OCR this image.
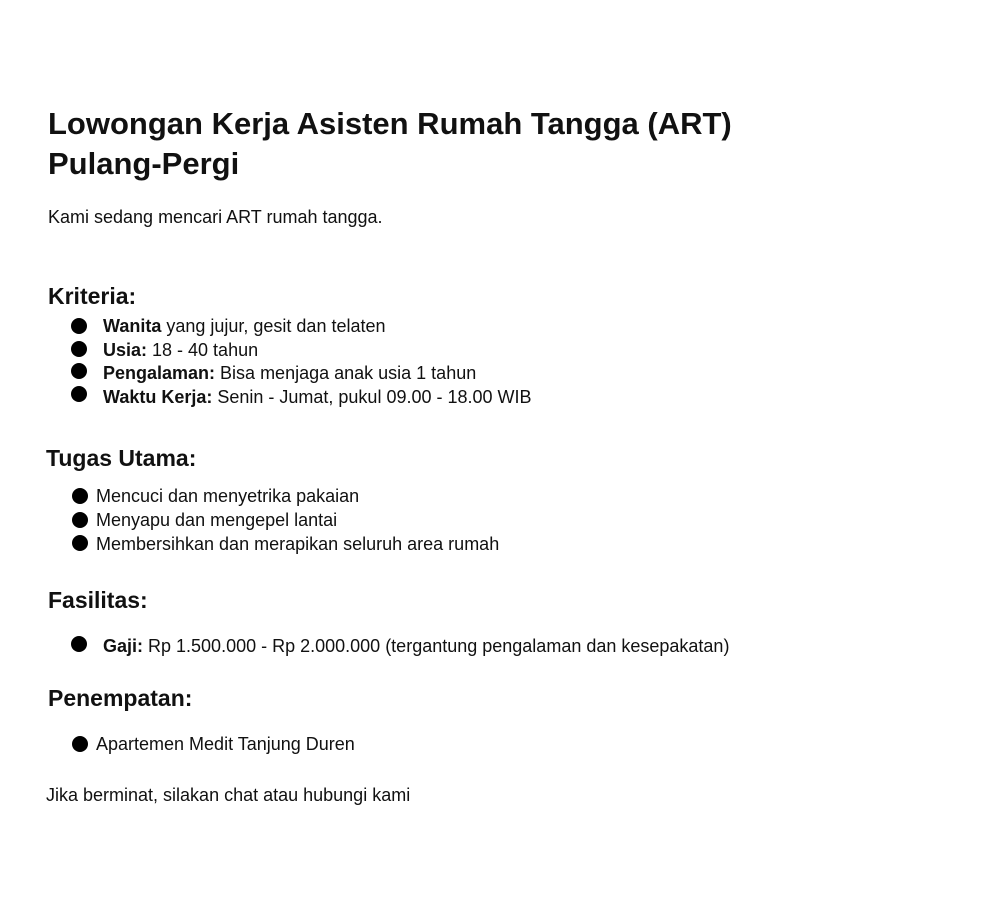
Lowongan Kerja Asisten Rumah Tangga (ART)
Pulang-Pergi

Kami sedang mencari ART rumah tangga.

Kriteria:
Wanita yang jujur, gesit dan telaten
Usia: 18 - 40 tahun
Pengalaman: Bisa menjaga anak usia 1 tahun
Waktu Kerja: Senin - Jumat, pukul 09.00 - 18.00 WIB
Tugas Utama:
Mencuci dan menyetrika pakaian
Menyapu dan mengepel lantai
Membersihkan dan merapikan seluruh area rumah
Fasilitas:
Gaji: Rp 1.500.000 - Rp 2.000.000 (tergantung pengalaman dan kesepakatan)
Penempatan:
Apartemen Medit Tanjung Duren

Jika berminat, silakan chat atau hubungi kami
